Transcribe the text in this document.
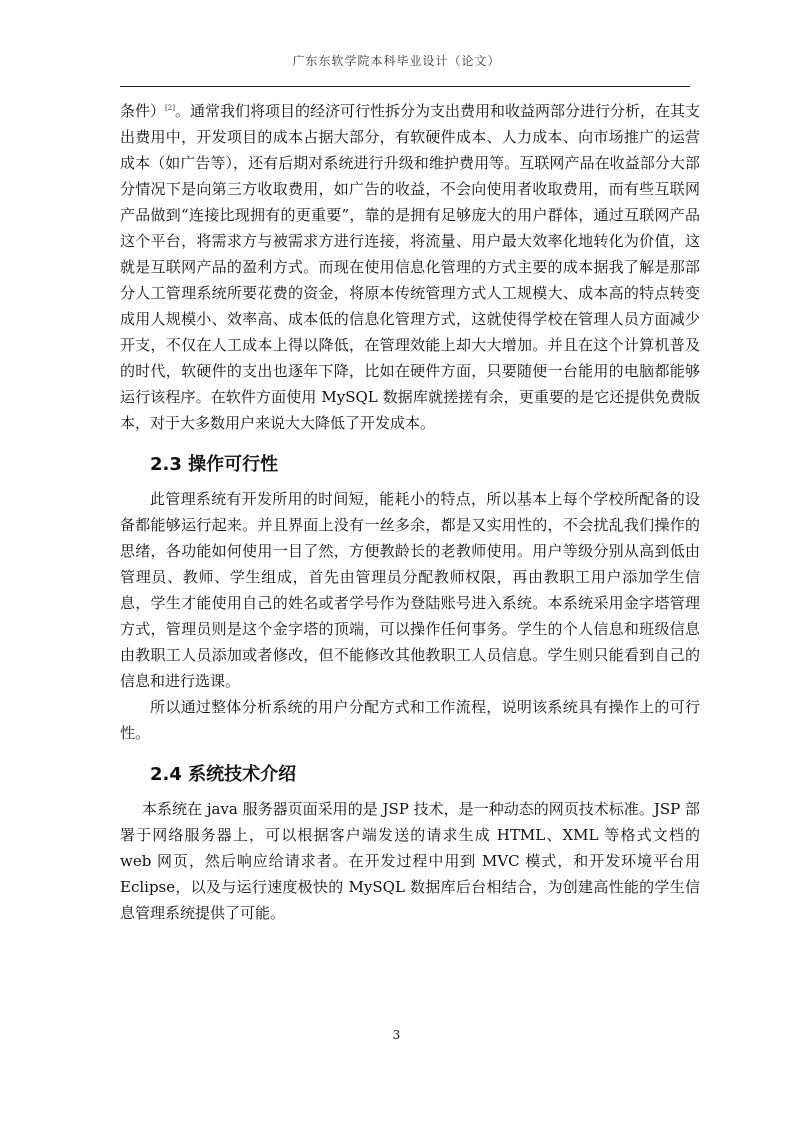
广东东软学院本科毕业设计（论文）

条件）[2]。通常我们将项目的经济可行性拆分为支出费用和收益两部分进行分析，在其支出费用中，开发项目的成本占据大部分，有软硬件成本、人力成本、向市场推广的运营成本（如广告等），还有后期对系统进行升级和维护费用等。互联网产品在收益部分大部分情况下是向第三方收取费用，如广告的收益，不会向使用者收取费用，而有些互联网产品做到“连接比现拥有的更重要”，靠的是拥有足够庞大的用户群体，通过互联网产品这个平台，将需求方与被需求方进行连接，将流量、用户最大效率化地转化为价值，这就是互联网产品的盈利方式。而现在使用信息化管理的方式主要的成本据我了解是那部分人工管理系统所要花费的资金，将原本传统管理方式人工规模大、成本高的特点转变成用人规模小、效率高、成本低的信息化管理方式，这就使得学校在管理人员方面减少开支，不仅在人工成本上得以降低，在管理效能上却大大增加。并且在这个计算机普及的时代，软硬件的支出也逐年下降，比如在硬件方面，只要随便一台能用的电脑都能够运行该程序。在软件方面使用 MySQL 数据库就搓搓有余，更重要的是它还提供免费版本，对于大多数用户来说大大降低了开发成本。

2.3 操作可行性

此管理系统有开发所用的时间短，能耗小的特点，所以基本上每个学校所配备的设备都能够运行起来。并且界面上没有一丝多余，都是又实用性的，不会扰乱我们操作的思绪，各功能如何使用一目了然，方便教龄长的老教师使用。用户等级分别从高到低由管理员、教师、学生组成，首先由管理员分配教师权限，再由教职工用户添加学生信息，学生才能使用自己的姓名或者学号作为登陆账号进入系统。本系统采用金字塔管理方式，管理员则是这个金字塔的顶端，可以操作任何事务。学生的个人信息和班级信息由教职工人员添加或者修改，但不能修改其他教职工人员信息。学生则只能看到自己的信息和进行选课。

所以通过整体分析系统的用户分配方式和工作流程，说明该系统具有操作上的可行性。

2.4 系统技术介绍

本系统在 java 服务器页面采用的是 JSP 技术，是一种动态的网页技术标准。JSP 部署于网络服务器上，可以根据客户端发送的请求生成 HTML、XML 等格式文档的 web 网页，然后响应给请求者。在开发过程中用到 MVC 模式，和开发环境平台用 Eclipse，以及与运行速度极快的 MySQL 数据库后台相结合，为创建高性能的学生信息管理系统提供了可能。

3
